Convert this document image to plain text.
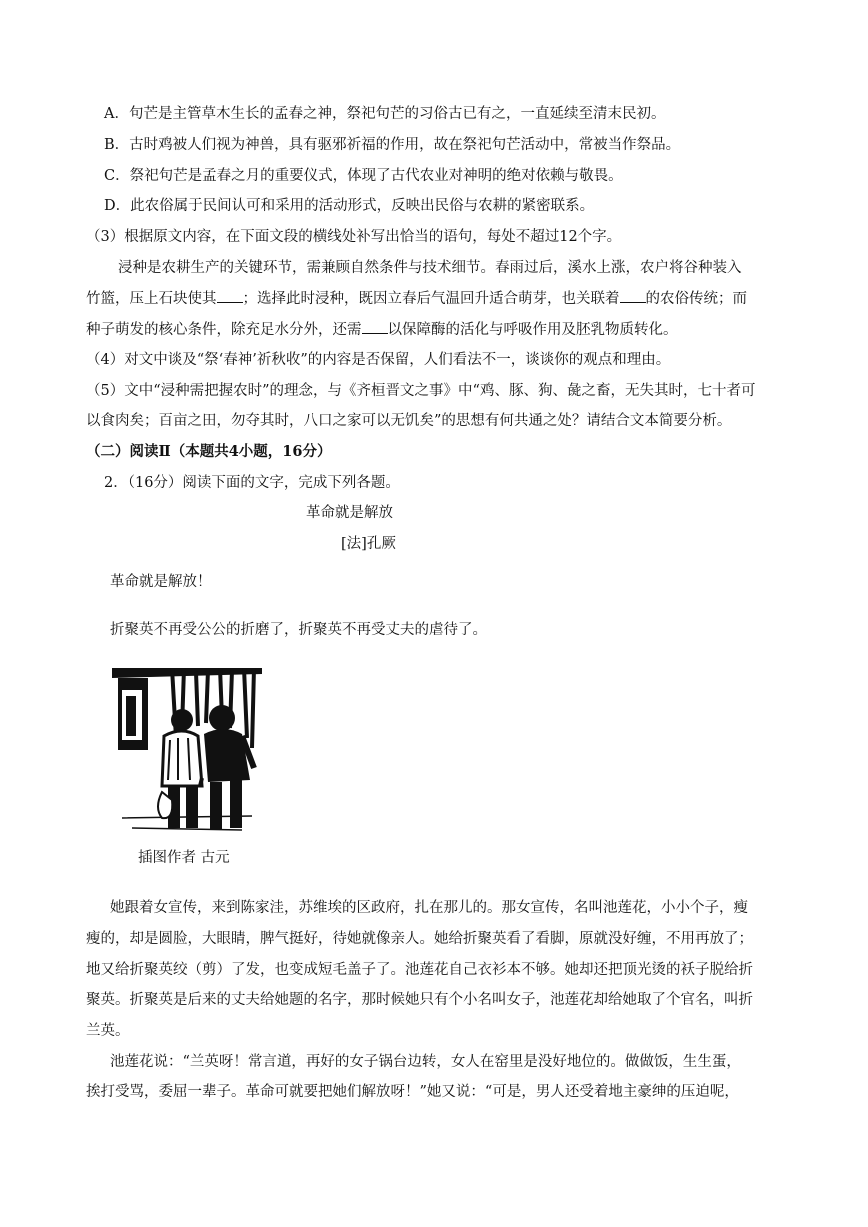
A．句芒是主管草木生长的孟春之神，祭祀句芒的习俗古已有之，一直延续至清末民初。
B．古时鸡被人们视为神兽，具有驱邪祈福的作用，故在祭祀句芒活动中，常被当作祭品。
C．祭祀句芒是孟春之月的重要仪式，体现了古代农业对神明的绝对依赖与敬畏。
D．此农俗属于民间认可和采用的活动形式，反映出民俗与农耕的紧密联系。
（3）根据原文内容，在下面文段的横线处补写出恰当的语句，每处不超过12个字。
浸种是农耕生产的关键环节，需兼顾自然条件与技术细节。春雨过后，溪水上涨，农户将谷种装入
竹篮，压上石块使其 ；选择此时浸种，既因立春后气温回升适合萌芽，也关联着 的农俗传统；而
种子萌发的核心条件，除充足水分外，还需 以保障酶的活化与呼吸作用及胚乳物质转化。
（4）对文中谈及“祭‘春神’祈秋收”的内容是否保留，人们看法不一，谈谈你的观点和理由。
（5）文中“浸种需把握农时”的理念，与《齐桓晋文之事》中“鸡、豚、狗、彘之畜，无失其时，七十者可
以食肉矣；百亩之田，勿夺其时，八口之家可以无饥矣”的思想有何共通之处？请结合文本简要分析。
（二）阅读Ⅱ（本题共4小题，16分）
2．（16分）阅读下面的文字，完成下列各题。
革命就是解放
[法]孔厥
革命就是解放！
折聚英不再受公公的折磨了，折聚英不再受丈夫的虐待了。
插图作者 古元
她跟着女宣传，来到陈家洼，苏维埃的区政府，扎在那儿的。那女宣传，名叫池莲花，小小个子，瘦
瘦的，却是圆脸，大眼睛，脾气挺好，待她就像亲人。她给折聚英看了看脚，原就没好缠，不用再放了；
地又给折聚英绞（剪）了发，也变成短毛盖子了。池莲花自己衣衫本不够。她却还把顶光烫的袄子脱给折
聚英。折聚英是后来的丈夫给她题的名字，那时候她只有个小名叫女子，池莲花却给她取了个官名，叫折
兰英。
池莲花说：“兰英呀！常言道，再好的女子锅台边转，女人在窑里是没好地位的。做做饭，生生蛋，
挨打受骂，委屈一辈子。革命可就要把她们解放呀！”她又说：“可是，男人还受着地主豪绅的压迫呢，
